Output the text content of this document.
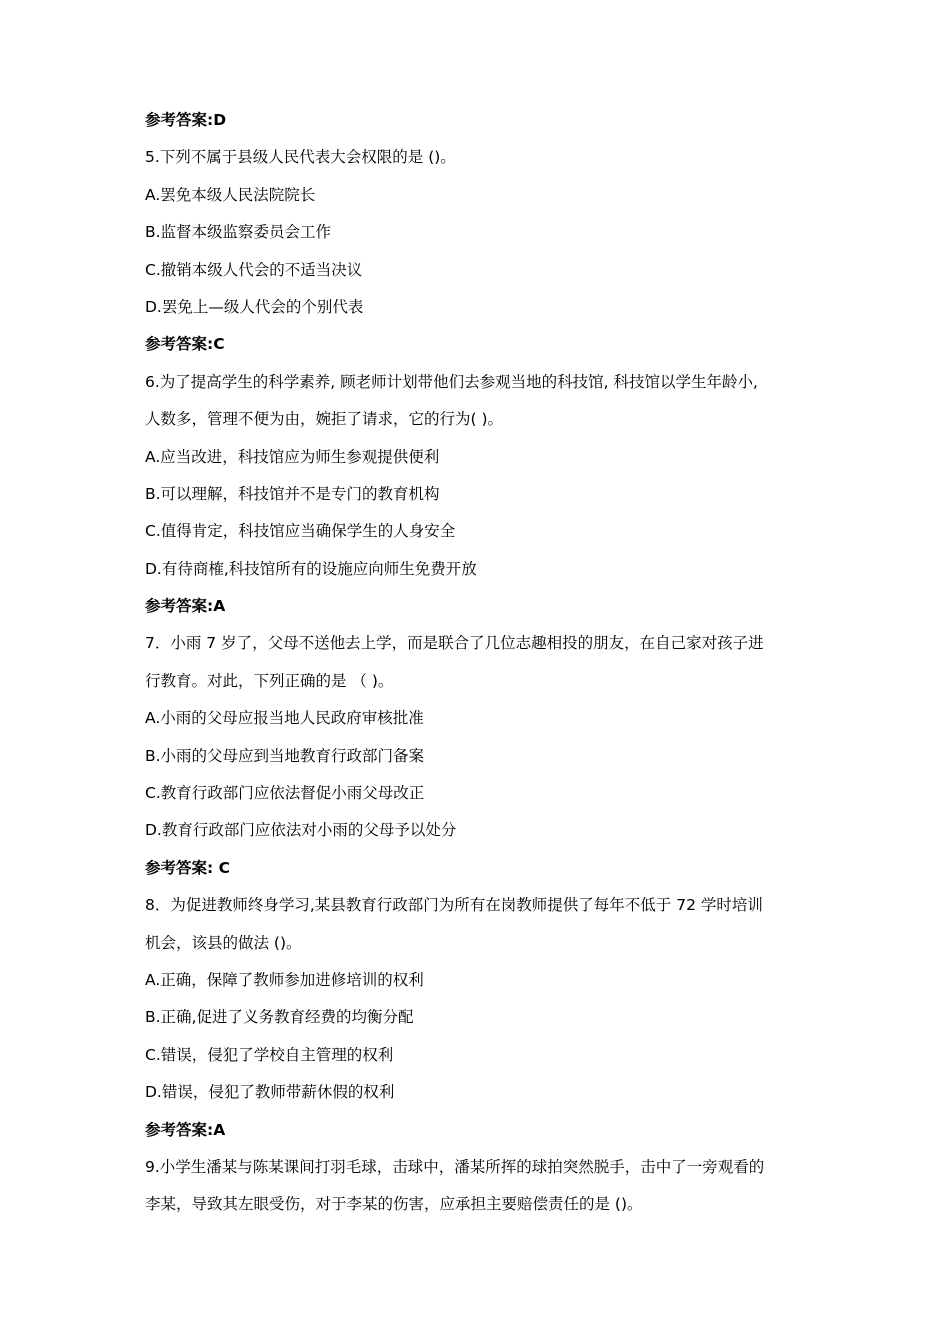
参考答案:D
5.下列不属于县级人民代表大会权限的是 ()。
A.罢免本级人民法院院长
B.监督本级监察委员会工作
C.撤销本级人代会的不适当决议
D.罢免上—级人代会的个别代表
参考答案:C
6.为了提高学生的科学素养, 顾老师计划带他们去参观当地的科技馆, 科技馆以学生年龄小,
人数多，管理不便为由，婉拒了请求，它的行为( )。
A.应当改进，科技馆应为师生参观提供便利
B.可以理解，科技馆并不是专门的教育机构
C.值得肯定，科技馆应当确保学生的人身安全
D.有待商榷,科技馆所有的设施应向师生免费开放
参考答案:A
7．小雨 7 岁了，父母不送他去上学，而是联合了几位志趣相投的朋友，在自己家对孩子进
行教育。对此，下列正确的是 （ )。
A.小雨的父母应报当地人民政府审核批准
B.小雨的父母应到当地教育行政部门备案
C.教育行政部门应依法督促小雨父母改正
D.教育行政部门应依法对小雨的父母予以处分
参考答案: C
8．为促进教师终身学习,某县教育行政部门为所有在岗教师提供了每年不低于 72 学时培训
机会，该县的做法 ()。
A.正确，保障了教师参加进修培训的权利
B.正确,促进了义务教育经费的均衡分配
C.错误，侵犯了学校自主管理的权利
D.错误，侵犯了教师带薪休假的权利
参考答案:A
9.小学生潘某与陈某课间打羽毛球，击球中，潘某所挥的球拍突然脱手，击中了一旁观看的
李某，导致其左眼受伤，对于李某的伤害，应承担主要赔偿责任的是 ()。
